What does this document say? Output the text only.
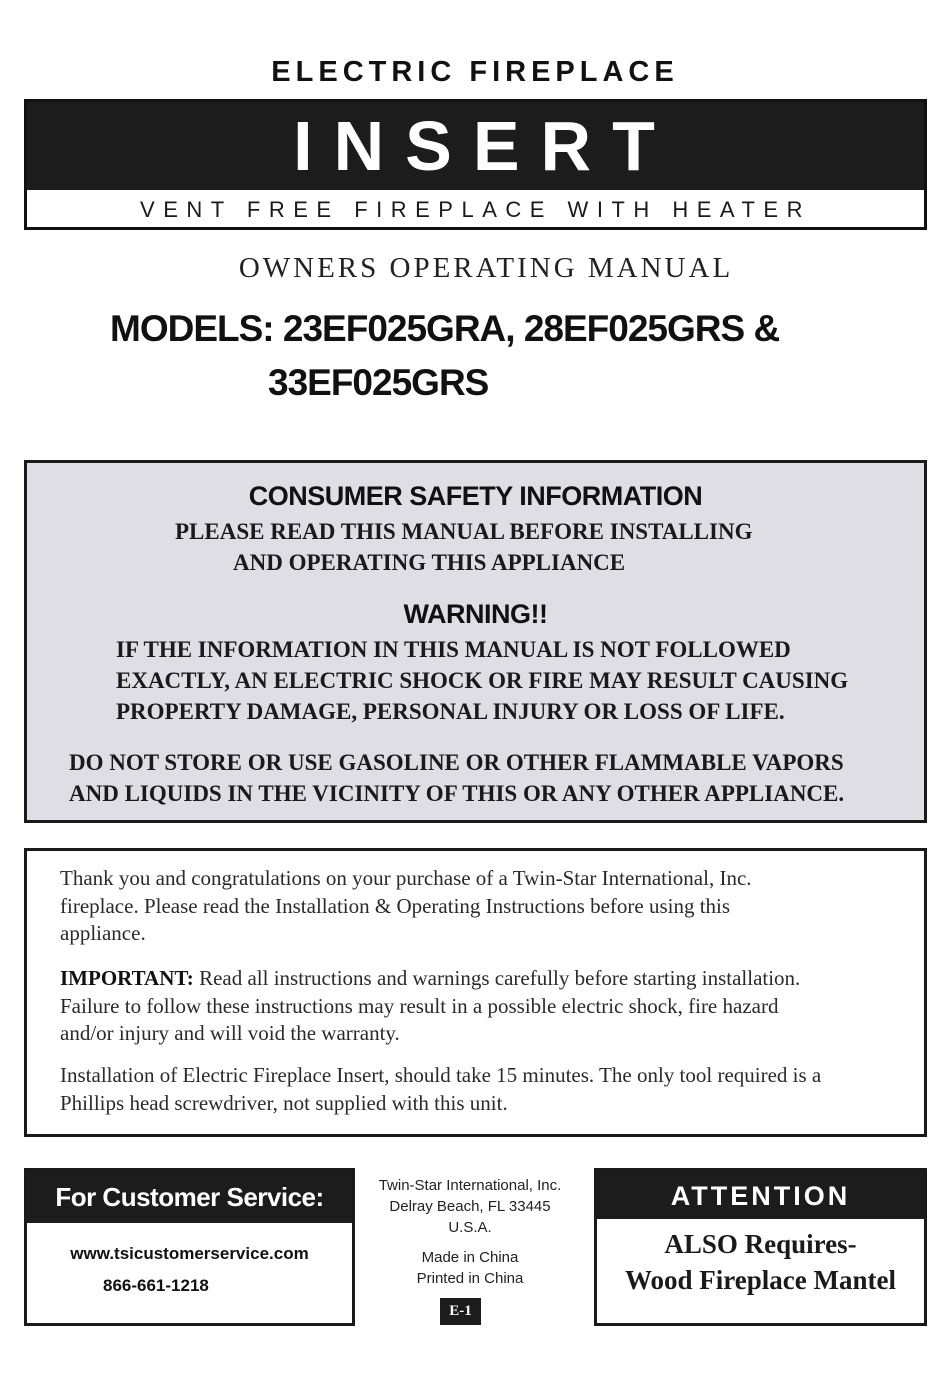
ELECTRIC FIREPLACE
INSERT
VENT FREE FIREPLACE WITH HEATER
OWNERS OPERATING MANUAL
MODELS: 23EF025GRA, 28EF025GRS &
33EF025GRS
CONSUMER SAFETY INFORMATION
PLEASE READ THIS MANUAL BEFORE INSTALLING
AND OPERATING THIS APPLIANCE
WARNING!!
IF THE INFORMATION IN THIS MANUAL IS NOT FOLLOWED
EXACTLY, AN ELECTRIC SHOCK OR FIRE MAY RESULT CAUSING
PROPERTY DAMAGE, PERSONAL INJURY OR LOSS OF LIFE.
DO NOT STORE OR USE GASOLINE OR OTHER FLAMMABLE VAPORS
AND LIQUIDS IN THE VICINITY OF THIS OR ANY OTHER APPLIANCE.
Thank you and congratulations on your purchase of a Twin-Star International, Inc.
fireplace. Please read the Installation & Operating Instructions before using this
appliance.
IMPORTANT: Read all instructions and warnings carefully before starting installation.
Failure to follow these instructions may result in a possible electric shock, fire hazard
and/or injury and will void the warranty.
Installation of Electric Fireplace Insert, should take 15 minutes. The only tool required is a
Phillips head screwdriver, not supplied with this unit.
For Customer Service:
www.tsicustomerservice.com
866-661-1218
Twin-Star International, Inc.
Delray Beach, FL 33445
U.S.A.
Made in China
Printed in China
E-1
ATTENTION
ALSO Requires-
Wood Fireplace Mantel
